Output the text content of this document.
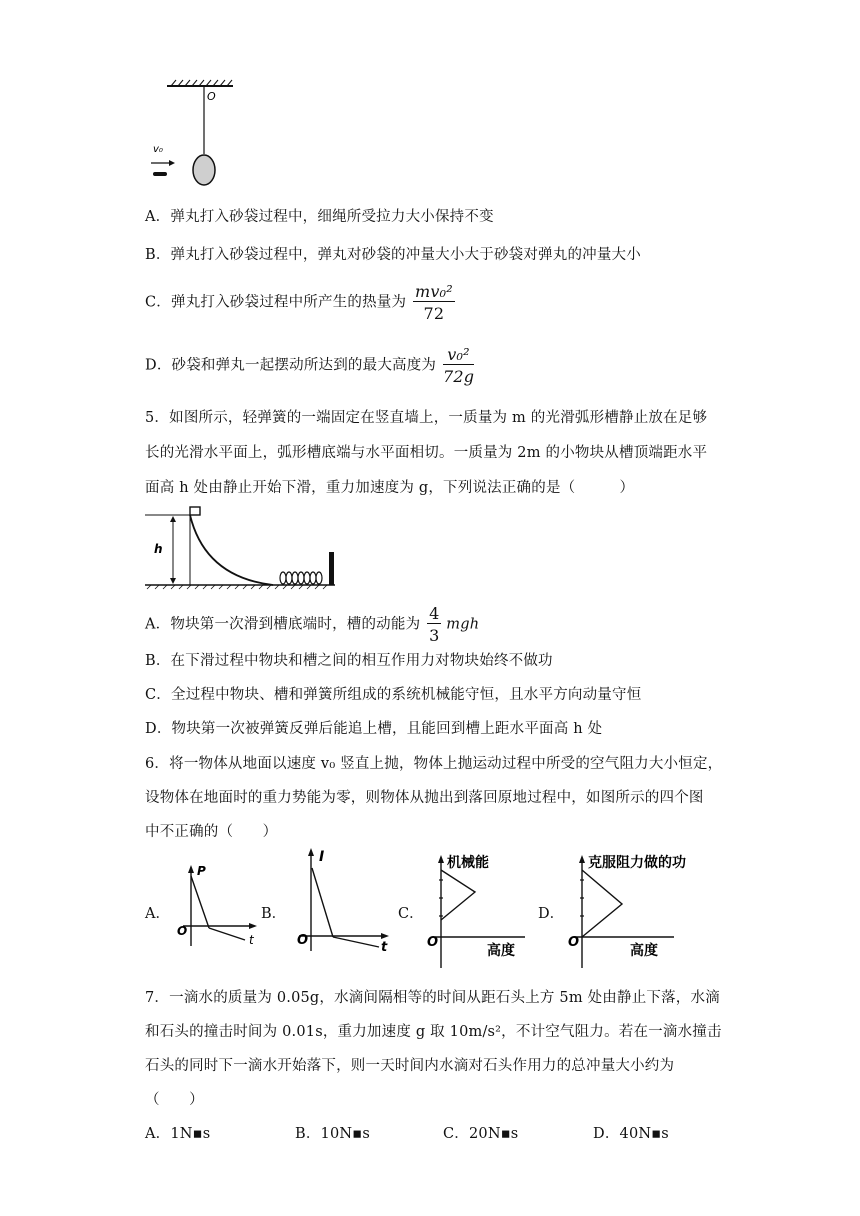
O
v₀
A．弹丸打入砂袋过程中，细绳所受拉力大小保持不变
B．弹丸打入砂袋过程中，弹丸对砂袋的冲量大小大于砂袋对弹丸的冲量大小
C．弹丸打入砂袋过程中所产生的热量为 $\frac{\text{mv₀²}}{72}$
D．砂袋和弹丸一起摆动所达到的最大高度为 $\frac{\text{v₀²}}{72g}$
5．如图所示，轻弹簧的一端固定在竖直墙上，一质量为 m 的光滑弧形槽静止放在足够
长的光滑水平面上，弧形槽底端与水平面相切。一质量为 2m 的小物块从槽顶端距水平
面高 h 处由静止开始下滑，重力加速度为 g，下列说法正确的是（　　　）
h
A．物块第一次滑到槽底端时，槽的动能为 $\frac{4}{3}$ mgh
B．在下滑过程中物块和槽之间的相互作用力对物块始终不做功
C．全过程中物块、槽和弹簧所组成的系统机械能守恒，且水平方向动量守恒
D．物块第一次被弹簧反弹后能追上槽，且能回到槽上距水平面高 h 处
6．将一物体从地面以速度 v₀ 竖直上抛，物体上抛运动过程中所受的空气阻力大小恒定，
设物体在地面时的重力势能为零，则物体从抛出到落回原地过程中，如图所示的四个图
中不正确的（　　）
A．
P
t
O
B．
I
t
O
C．
机械能
高度
O
D．
克服阻力做的功
高度
O
7．一滴水的质量为 0.05g，水滴间隔相等的时间从距石头上方 5m 处由静止下落，水滴
和石头的撞击时间为 0.01s，重力加速度 g 取 10m/s²，不计空气阻力。若在一滴水撞击
石头的同时下一滴水开始落下，则一天时间内水滴对石头作用力的总冲量大小约为
（　　）
A．1N▪s	B．10N▪s	C．20N▪s	D．40N▪s
